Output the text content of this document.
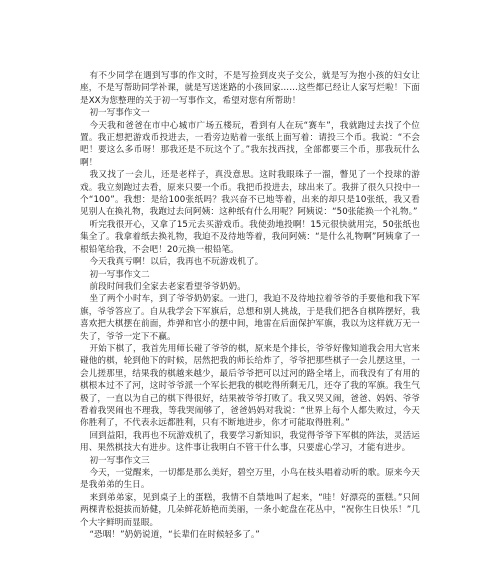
有不少同学在遇到写事的作文时，不是写捡到皮夹子交公，就是写为抱小孩的妇女让座，不是写帮助同学补课，就是写送迷路的小孩回家……这些都已经让人家写烂啦！下面是XX为您整理的关于初一写事作文，希望对您有所帮助！

初一写事作文一

今天我和爸爸在市中心城市广场五楼玩，看到有人在玩“赛车”，我就跑过去找了个位置。我正想把游戏币投进去，一看旁边贴着一张纸上面写着：请投三个币。我说：“不会吧！要这么多币呀！那我还是不玩这个了。”我东找西找，全部都要三个币，那我玩什么啊！

我又找了一会儿，还是老样子，真没意思。这时我眼珠子一溜，瞥见了一个投球的游戏。我立刻跑过去看，原来只要一个币。我把币投进去，球出来了。我拼了很久只投中一个“100”。我想：是给100张纸吗？我兴奋不已地等着，出来的却只是10张纸，我又看见别人在换礼物，我跑过去问阿姨：这种纸有什么用呢？阿姨说：“50张能换一个礼物。”

听完我很开心，又拿了15元去买游戏币。我使劲地投啊！15元很快就用完，50张纸也集全了。我拿着纸去换礼物，我迫不及待地等着，我问阿姨：“是什么礼物啊”阿姨拿了一根铅笔给我，不会吧！20元换一根铅笔。

今天我真亏啊！以后，我再也不玩游戏机了。

初一写事作文二

前段时间我们全家去老家看望爷爷奶奶。

坐了两个小时车，到了爷爷奶奶家。一进门，我迫不及待地拉着爷爷的手要他和我下军旗，爷爷答应了。自从我学会下军旗后，总想和别人挑战，于是我们把各自棋阵摆好，我喜欢把大棋摆在前面，炸弹和官小的摆中间，地雷在后面保护军旗，我以为这样就万无一失了，爷爷一定下不赢。

开始下棋了，我首先用师长碰了爷爷的棋，原来是个排长，爷爷好像知道我会用大官来碰他的棋，轮到他下的时候，居然把我的师长给炸了，爷爷把那些棋子一会儿摆这里，一会儿搓那里，结果我的棋越来越少，最后爷爷把可以过河的路全堵上，而我没有了有用的棋根本过不了河，这时爷爷派一个军长把我的棋吃得所剩无几，还夺了我的军旗。我生气极了，一直以为自己的棋下得很好，结果被爷爷打败了。我又哭又闹，爸爸、妈妈、爷爷看着我哭闹也不理我，等我哭闹够了，爸爸妈妈对我说：“世界上每个人都失败过，今天你胜利了，不代表永远都胜利，只有不断地进步，你才可能取得胜利。”

回到益阳，我再也不玩游戏机了，我要学习新知识，我觉得爷爷下军棋的阵法，灵活运用、果然棋技大有进步。这件事让我明白不管干什么事，只要虚心学习，才能有进步。

初一写事作文三

今天，一觉醒来，一切都是那么美好，碧空万里，小鸟在枝头唱着动听的歌。原来今天是我弟弟的生日。

来到弟弟家，见到桌子上的蛋糕，我情不自禁地叫了起来，“哇！好漂亮的蛋糕。”只间两棵青松挺拔而娇健，几朵鲜花娇艳而美丽，一条小蛇盘在花丛中，“祝你生日快乐！”几个大字鲜明而显眼。

“恐咽！”奶奶说道，“长辈们在时候轻多了。”
